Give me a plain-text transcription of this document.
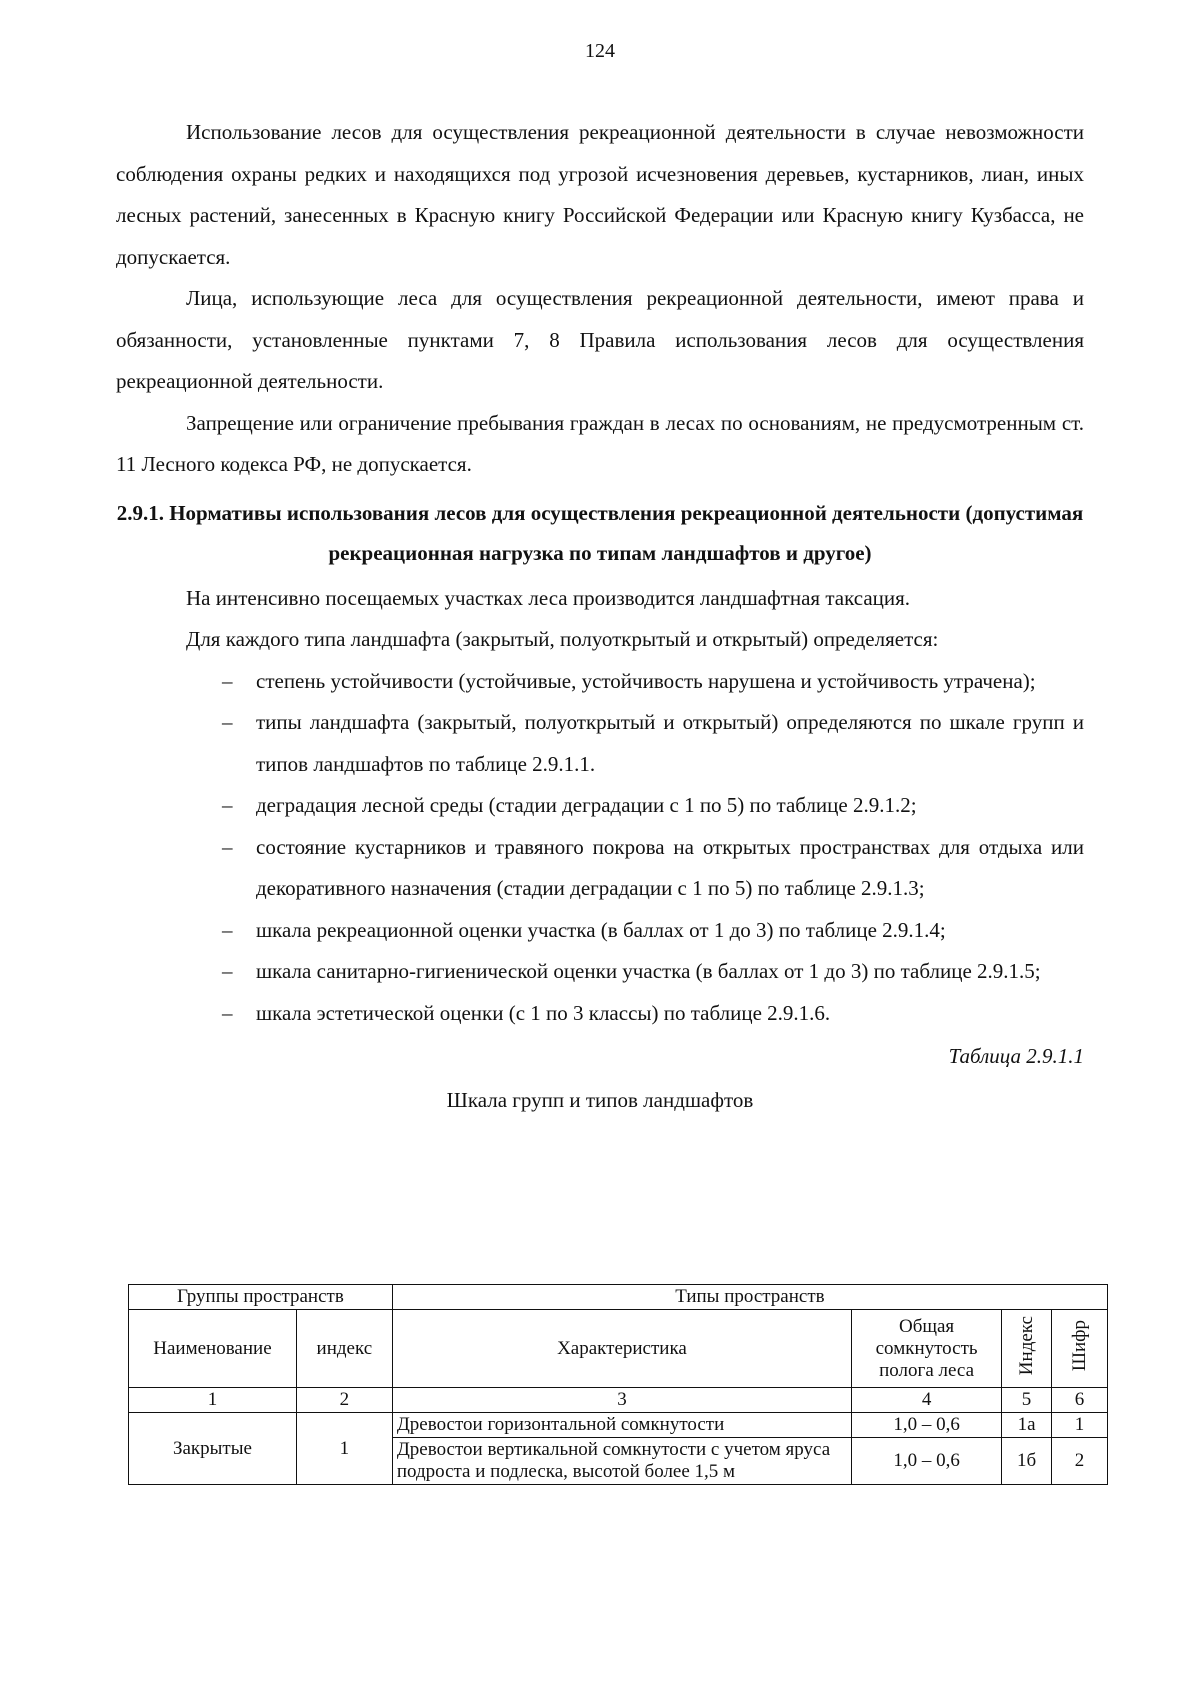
124

Использование лесов для осуществления рекреационной деятельности в случае невозможности соблюдения охраны редких и находящихся под угрозой исчезновения деревьев, кустарников, лиан, иных лесных растений, занесенных в Красную книгу Российской Федерации или Красную книгу Кузбасса, не допускается.

Лица, использующие леса для осуществления рекреационной деятельности, имеют права и обязанности, установленные пунктами 7, 8 Правила использования лесов для осуществления рекреационной деятельности.

Запрещение или ограничение пребывания граждан в лесах по основаниям, не предусмотренным ст. 11 Лесного кодекса РФ, не допускается.

2.9.1. Нормативы использования лесов для осуществления рекреационной деятельности (допустимая рекреационная нагрузка по типам ландшафтов и другое)

На интенсивно посещаемых участках леса производится ландшафтная таксация.

Для каждого типа ландшафта (закрытый, полуоткрытый и открытый) определяется:

– степень устойчивости (устойчивые, устойчивость нарушена и устойчивость утрачена);
– типы ландшафта (закрытый, полуоткрытый и открытый) определяются по шкале групп и типов ландшафтов по таблице 2.9.1.1.
– деградация лесной среды (стадии деградации с 1 по 5) по таблице 2.9.1.2;
– состояние кустарников и травяного покрова на открытых пространствах для отдыха или декоративного назначения (стадии деградации с 1 по 5) по таблице 2.9.1.3;
– шкала рекреационной оценки участка (в баллах от 1 до 3) по таблице 2.9.1.4;
– шкала санитарно-гигиенической оценки участка (в баллах от 1 до 3) по таблице 2.9.1.5;
– шкала эстетической оценки (с 1 по 3 классы) по таблице 2.9.1.6.

Таблица 2.9.1.1

Шкала групп и типов ландшафтов

Группы пространств		Типы пространств			
Наименование	индекс	Характеристика	Общая сомкнутость полога леса	Индекс	Шифр
1	2	3	4	5	6
Закрытые	1	Древостои горизонтальной сомкнутости	1,0 – 0,6	1а	1
		Древостои вертикальной сомкнутости с учетом яруса подроста и подлеска, высотой более 1,5 м	1,0 – 0,6	1б	2
